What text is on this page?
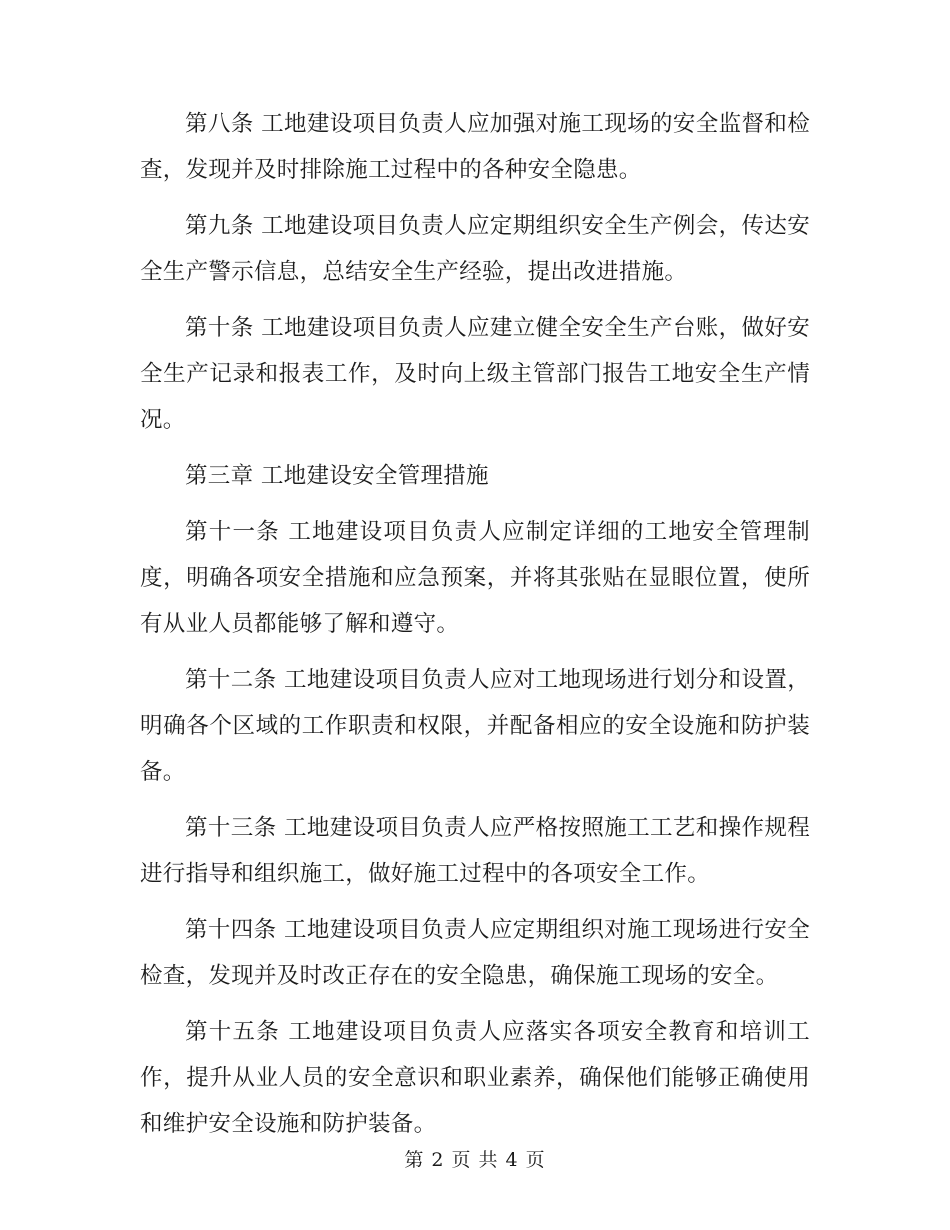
第八条 工地建设项目负责人应加强对施工现场的安全监督和检查，发现并及时排除施工过程中的各种安全隐患。

第九条 工地建设项目负责人应定期组织安全生产例会，传达安全生产警示信息，总结安全生产经验，提出改进措施。

第十条 工地建设项目负责人应建立健全安全生产台账，做好安全生产记录和报表工作，及时向上级主管部门报告工地安全生产情况。

第三章 工地建设安全管理措施

第十一条 工地建设项目负责人应制定详细的工地安全管理制度，明确各项安全措施和应急预案，并将其张贴在显眼位置，使所有从业人员都能够了解和遵守。

第十二条 工地建设项目负责人应对工地现场进行划分和设置，明确各个区域的工作职责和权限，并配备相应的安全设施和防护装备。

第十三条 工地建设项目负责人应严格按照施工工艺和操作规程进行指导和组织施工，做好施工过程中的各项安全工作。

第十四条 工地建设项目负责人应定期组织对施工现场进行安全检查，发现并及时改正存在的安全隐患，确保施工现场的安全。

第十五条 工地建设项目负责人应落实各项安全教育和培训工作，提升从业人员的安全意识和职业素养，确保他们能够正确使用和维护安全设施和防护装备。

第 2 页 共 4 页
